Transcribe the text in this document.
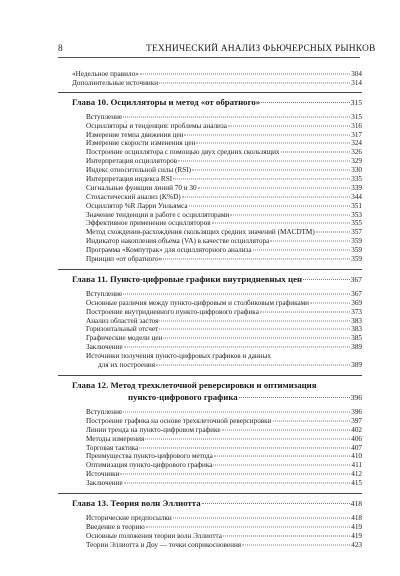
8	ТЕХНИЧЕСКИЙ АНАЛИЗ ФЬЮЧЕРСНЫХ РЫНКОВ
«Недельное правило»	304
Дополнительные источники	314
Глава 10. Осцилляторы и метод «от обратного»	315
Вступление	315
Осцилляторы и тенденция: проблемы анализа	316
Измерение темпа движения цен	317
Измерение скорости изменения цен	324
Построение осциллятора с помощью двух средних скользящих	326
Интерпретация осцилляторов	329
Индекс относительной силы (RSI)	330
Интерпретация индекса RSI	335
Сигнальные функции линий 70 и 30	339
Стохастический анализ (K%D)	344
Осциллятор %R Ларри Уильямса	351
Значение тенденции в работе с осцилляторами	353
Эффективное применение осцилляторов	355
Метод схождения-расхождения скользящих средних значений (MACDTM)	357
Индикатор накопления объема (VA) в качестве осциллятора	359
Программа «Компутрак» для осцилляторного анализа	359
Принцип «от обратного»	359
Глава 11. Пункто-цифровые графики внутридневных цен	367
Вступление	367
Основные различия между пункто-цифровым и столбиковым графиками	369
Построение внутридневного пункто-цифрового графика	373
Анализ областей застоя	383
Горизонтальный отсчет	383
Графические модели цен	385
Заключение	389
Источники получения пункто-цифровых графиков и данных
для их построения	389
Глава 12. Метод трехклеточной реверсировки и оптимизация
пункто-цифрового графика	396
Вступление	396
Построение графика на основе трехклеточной реверсировки	397
Линии тренда на пункто-цифровом графике	402
Методы измерения	406
Торговая тактика	407
Преимущества пункто-цифрового метода	410
Оптимизация пункто-цифрового графика	411
Источники	412
Заключение	415
Глава 13. Теория волн Эллиотта	418
Исторические предпосылки	418
Введение в теорию	419
Основные положения теории волн Эллиотта	419
Теории Эллиотта и Доу — точки соприкосновения	423
